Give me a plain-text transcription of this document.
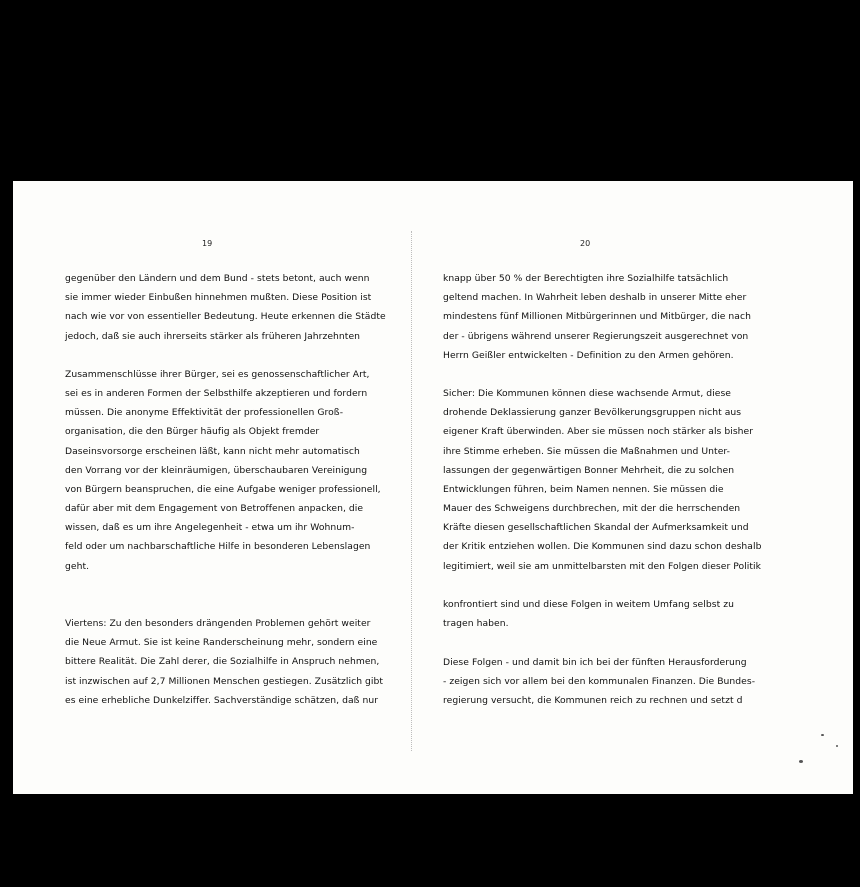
19
gegenüber den Ländern und dem Bund - stets betont, auch wenn
sie immer wieder Einbußen hinnehmen mußten. Diese Position ist
nach wie vor von essentieller Bedeutung. Heute erkennen die Städte
jedoch, daß sie auch ihrerseits stärker als früheren Jahrzehnten
Zusammenschlüsse ihrer Bürger, sei es genossenschaftlicher Art,
sei es in anderen Formen der Selbsthilfe akzeptieren und fordern
müssen. Die anonyme Effektivität der professionellen Groß-
organisation, die den Bürger häufig als Objekt fremder
Daseinsvorsorge erscheinen läßt, kann nicht mehr automatisch
den Vorrang vor der kleinräumigen, überschaubaren Vereinigung
von Bürgern beanspruchen, die eine Aufgabe weniger professionell,
dafür aber mit dem Engagement von Betroffenen anpacken, die
wissen, daß es um ihre Angelegenheit - etwa um ihr Wohnum-
feld oder um nachbarschaftliche Hilfe in besonderen Lebenslagen
geht.
Viertens: Zu den besonders drängenden Problemen gehört weiter
die Neue Armut. Sie ist keine Randerscheinung mehr, sondern eine
bittere Realität. Die Zahl derer, die Sozialhilfe in Anspruch nehmen,
ist inzwischen auf 2,7 Millionen Menschen gestiegen. Zusätzlich gibt
es eine erhebliche Dunkelziffer. Sachverständige schätzen, daß nur
20
knapp über 50 % der Berechtigten ihre Sozialhilfe tatsächlich
geltend machen. In Wahrheit leben deshalb in unserer Mitte eher
mindestens fünf Millionen Mitbürgerinnen und Mitbürger, die nach
der - übrigens während unserer Regierungszeit ausgerechnet von
Herrn Geißler entwickelten - Definition zu den Armen gehören.
Sicher: Die Kommunen können diese wachsende Armut, diese
drohende Deklassierung ganzer Bevölkerungsgruppen nicht aus
eigener Kraft überwinden. Aber sie müssen noch stärker als bisher
ihre Stimme erheben. Sie müssen die Maßnahmen und Unter-
lassungen der gegenwärtigen Bonner Mehrheit, die zu solchen
Entwicklungen führen, beim Namen nennen. Sie müssen die
Mauer des Schweigens durchbrechen, mit der die herrschenden
Kräfte diesen gesellschaftlichen Skandal der Aufmerksamkeit und
der Kritik entziehen wollen. Die Kommunen sind dazu schon deshalb
legitimiert, weil sie am unmittelbarsten mit den Folgen dieser Politik
konfrontiert sind und diese Folgen in weitem Umfang selbst zu
tragen haben.
Diese Folgen - und damit bin ich bei der fünften Herausforderung
- zeigen sich vor allem bei den kommunalen Finanzen. Die Bundes-
regierung versucht, die Kommunen reich zu rechnen und setzt d
